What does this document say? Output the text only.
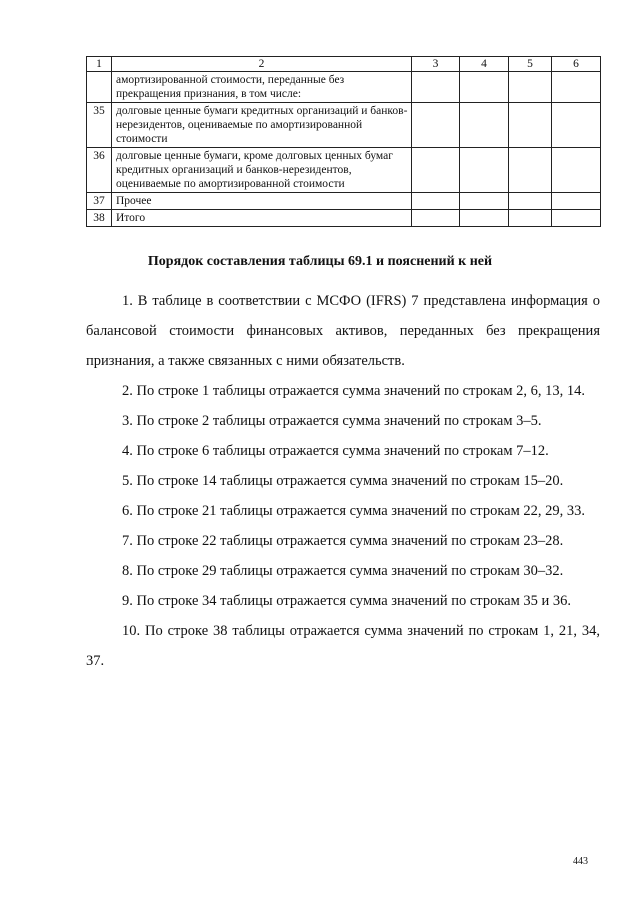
1	2	3	4	5	6
	амортизированной стоимости, переданные без прекращения признания, в том числе:				
35	долговые ценные бумаги кредитных организаций и банков-нерезидентов, оцениваемые по амортизированной стоимости				
36	долговые ценные бумаги, кроме долговых ценных бумаг кредитных организаций и банков-нерезидентов, оцениваемые по амортизированной стоимости				
37	Прочее				
38	Итого				
Порядок составления таблицы 69.1 и пояснений к ней

1. В таблице в соответствии с МСФО (IFRS) 7 представлена информация о балансовой стоимости финансовых активов, переданных без прекращения признания, а также связанных с ними обязательств.

2. По строке 1 таблицы отражается сумма значений по строкам 2, 6, 13, 14.

3. По строке 2 таблицы отражается сумма значений по строкам 3–5.

4. По строке 6 таблицы отражается сумма значений по строкам 7–12.

5. По строке 14 таблицы отражается сумма значений по строкам 15–20.

6. По строке 21 таблицы отражается сумма значений по строкам 22, 29, 33.

7. По строке 22 таблицы отражается сумма значений по строкам 23–28.

8. По строке 29 таблицы отражается сумма значений по строкам 30–32.

9. По строке 34 таблицы отражается сумма значений по строкам 35 и 36.

10. По строке 38 таблицы отражается сумма значений по строкам 1, 21, 34, 37.

443
